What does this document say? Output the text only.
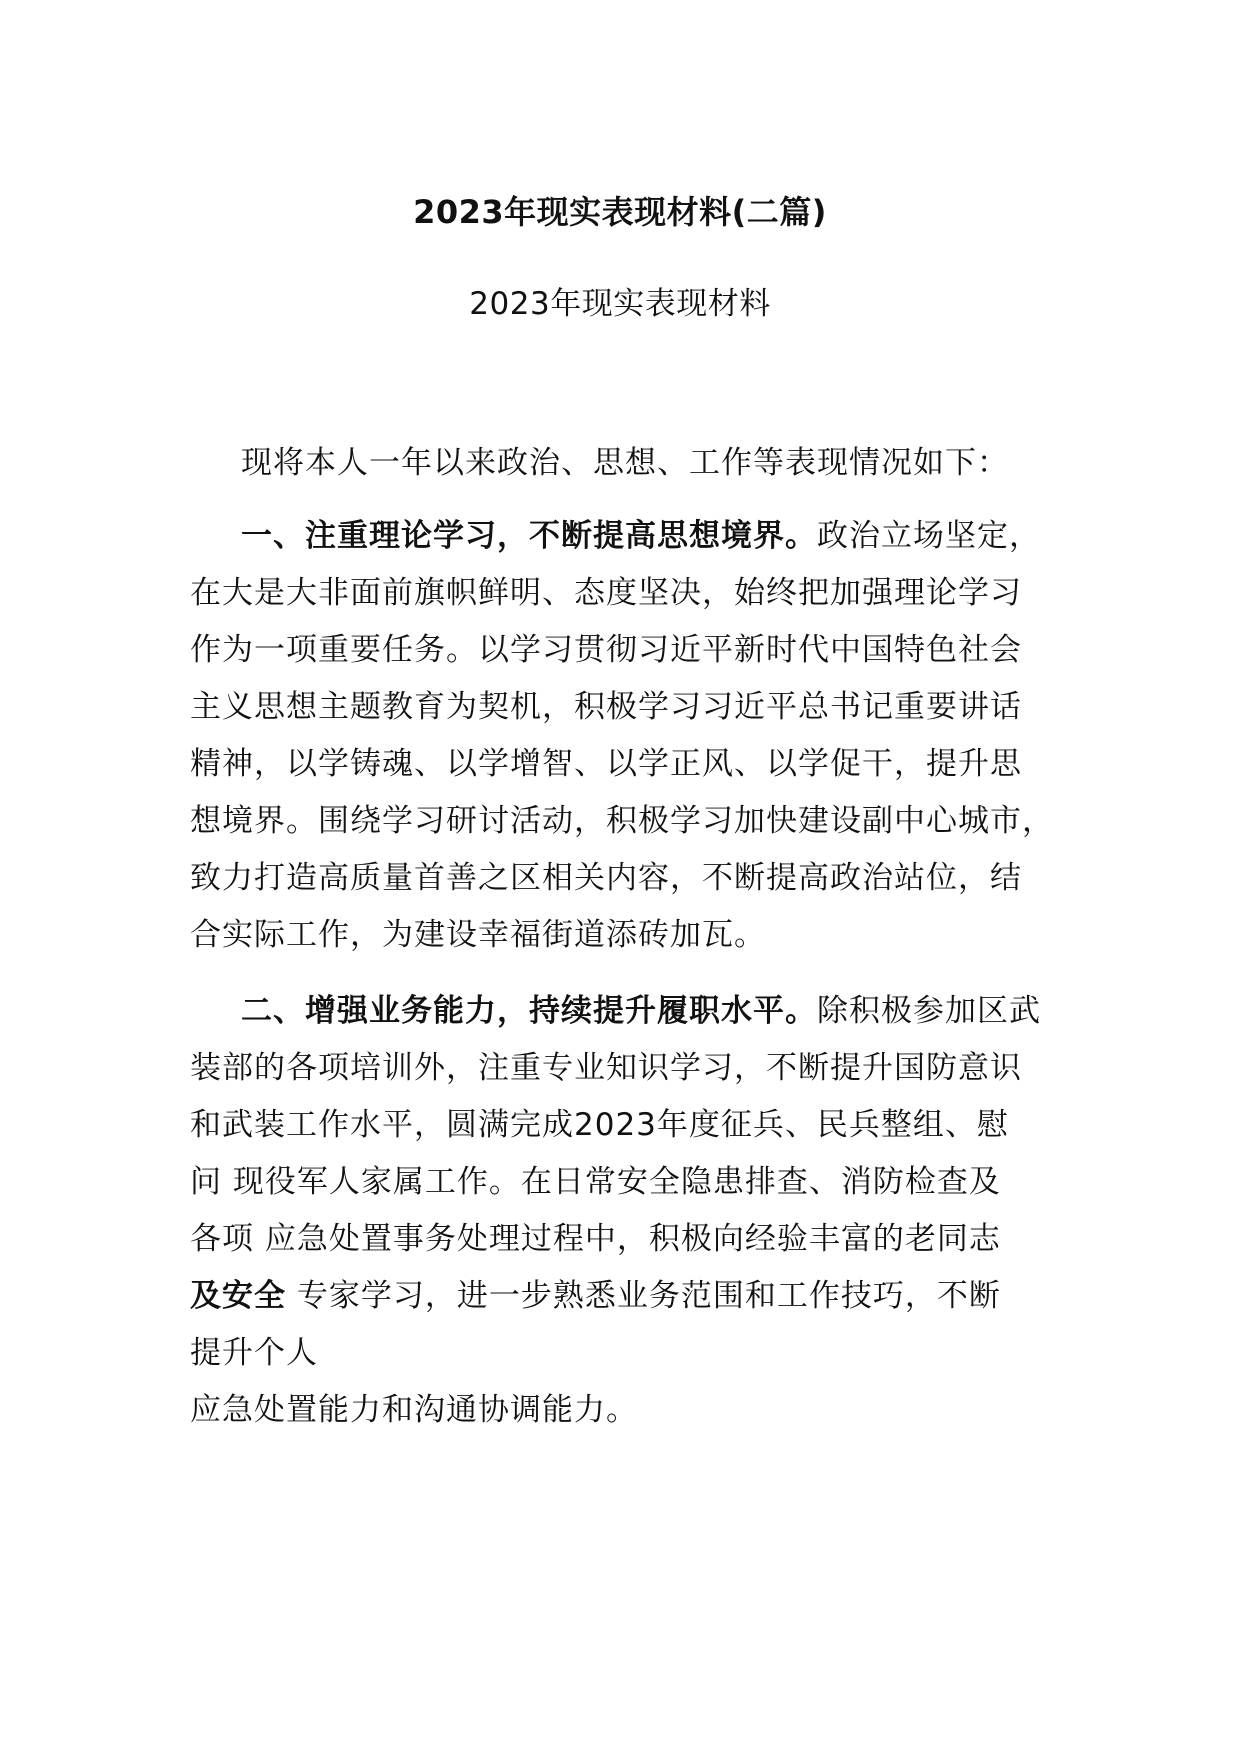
2023年现实表现材料(二篇)
2023年现实表现材料
现将本人一年以来政治、思想、工作等表现情况如下：
一、注重理论学习，不断提高思想境界。政治立场坚定，
在大是大非面前旗帜鲜明、态度坚决，始终把加强理论学习
作为一项重要任务。以学习贯彻习近平新时代中国特色社会
主义思想主题教育为契机，积极学习习近平总书记重要讲话
精神，以学铸魂、以学增智、以学正风、以学促干，提升思
想境界。围绕学习研讨活动，积极学习加快建设副中心城市，
致力打造高质量首善之区相关内容，不断提高政治站位，结
合实际工作，为建设幸福街道添砖加瓦。
二、增强业务能力，持续提升履职水平。除积极参加区武
装部的各项培训外，注重专业知识学习，不断提升国防意识
和武装工作水平，圆满完成2023年度征兵、民兵整组、慰
问 现役军人家属工作。在日常安全隐患排查、消防检查及
各项 应急处置事务处理过程中，积极向经验丰富的老同志
及安全 专家学习，进一步熟悉业务范围和工作技巧，不断
提升个人
应急处置能力和沟通协调能力。
